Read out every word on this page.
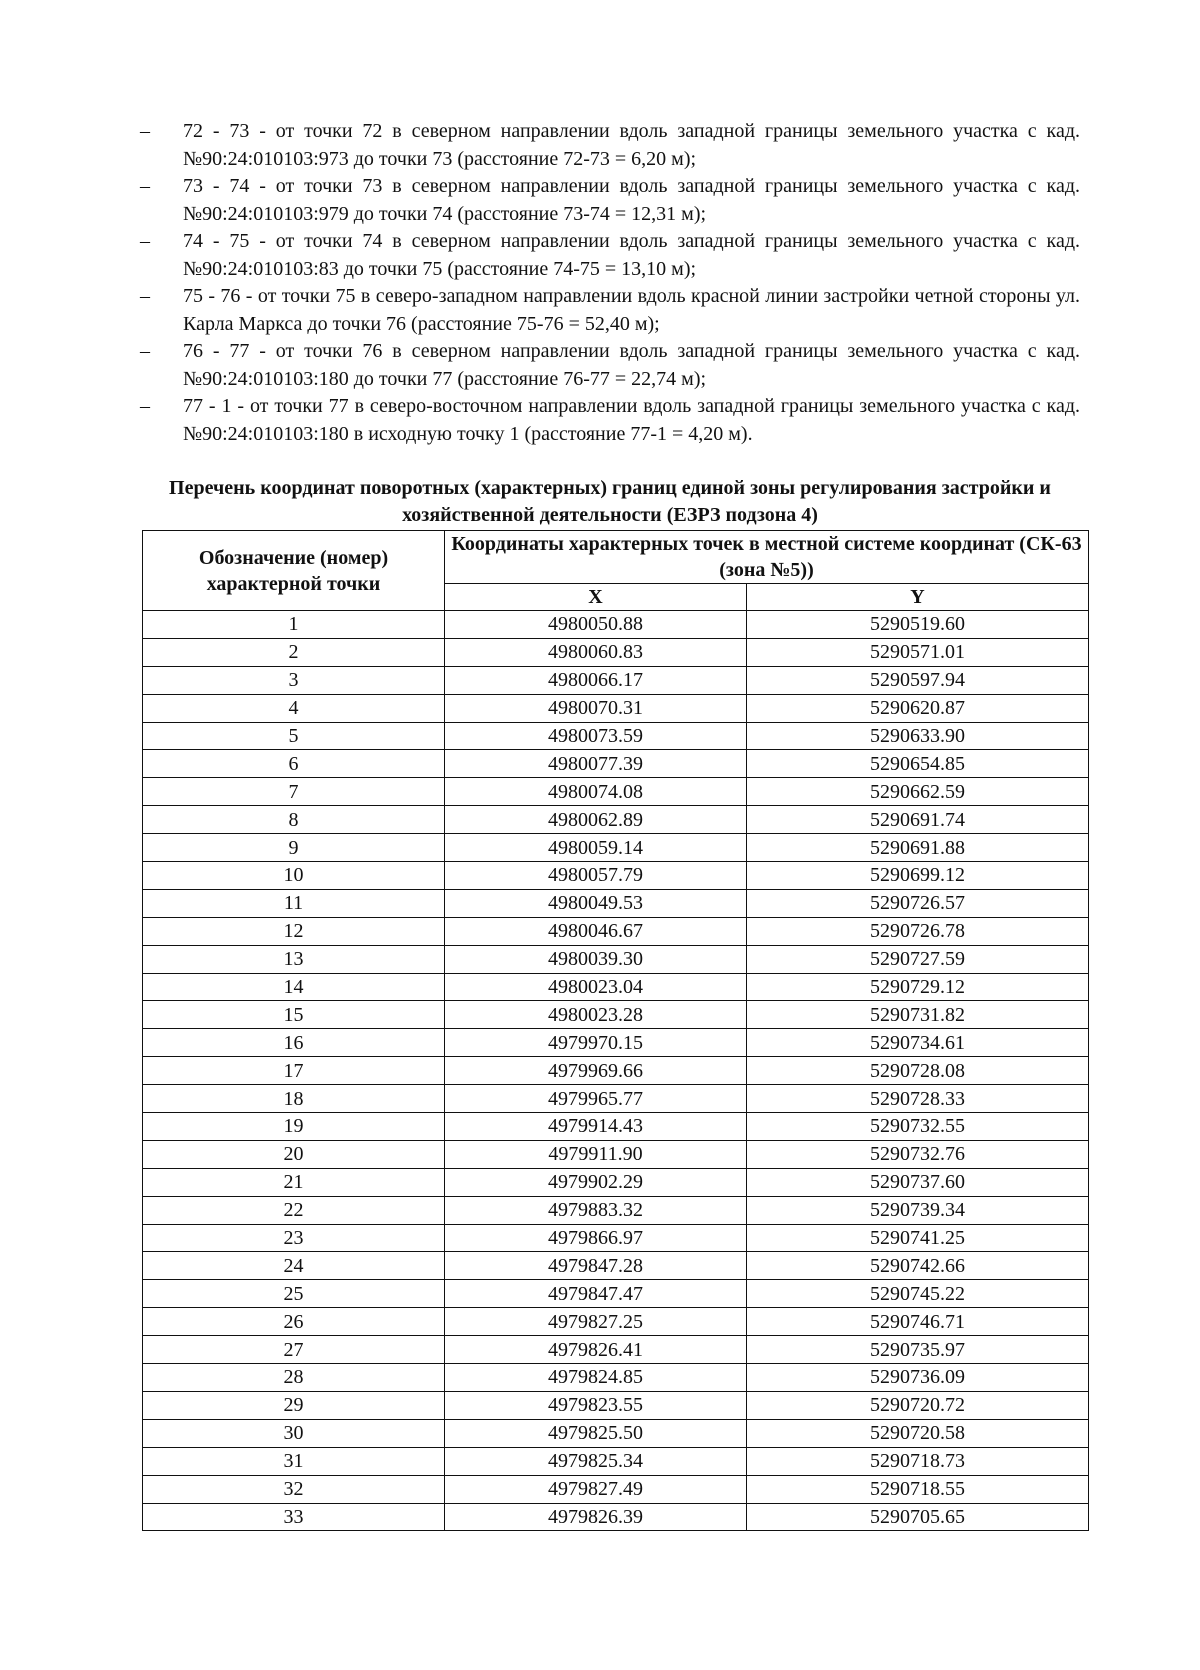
– 72 - 73 - от точки 72 в северном направлении вдоль западной границы земельного участка с кад. №90:24:010103:973 до точки 73 (расстояние 72-73 = 6,20 м);
– 73 - 74 - от точки 73 в северном направлении вдоль западной границы земельного участка с кад. №90:24:010103:979 до точки 74 (расстояние 73-74 = 12,31 м);
– 74 - 75 - от точки 74 в северном направлении вдоль западной границы земельного участка с кад. №90:24:010103:83 до точки 75 (расстояние 74-75 = 13,10 м);
– 75 - 76 - от точки 75 в северо-западном направлении вдоль красной линии застройки четной стороны ул. Карла Маркса до точки 76 (расстояние 75-76 = 52,40 м);
– 76 - 77 - от точки 76 в северном направлении вдоль западной границы земельного участка с кад. №90:24:010103:180 до точки 77 (расстояние 76-77 = 22,74 м);
– 77 - 1 - от точки 77 в северо-восточном направлении вдоль западной границы земельного участка с кад. №90:24:010103:180 в исходную точку 1 (расстояние 77-1 = 4,20 м).
Перечень координат поворотных (характерных) границ единой зоны регулирования застройки и хозяйственной деятельности (ЕЗРЗ подзона 4)
Обозначение (номер) характерной точки	Координаты характерных точек в местной системе координат (СК-63 (зона №5))	
	X	Y
1	4980050.88	5290519.60
2	4980060.83	5290571.01
3	4980066.17	5290597.94
4	4980070.31	5290620.87
5	4980073.59	5290633.90
6	4980077.39	5290654.85
7	4980074.08	5290662.59
8	4980062.89	5290691.74
9	4980059.14	5290691.88
10	4980057.79	5290699.12
11	4980049.53	5290726.57
12	4980046.67	5290726.78
13	4980039.30	5290727.59
14	4980023.04	5290729.12
15	4980023.28	5290731.82
16	4979970.15	5290734.61
17	4979969.66	5290728.08
18	4979965.77	5290728.33
19	4979914.43	5290732.55
20	4979911.90	5290732.76
21	4979902.29	5290737.60
22	4979883.32	5290739.34
23	4979866.97	5290741.25
24	4979847.28	5290742.66
25	4979847.47	5290745.22
26	4979827.25	5290746.71
27	4979826.41	5290735.97
28	4979824.85	5290736.09
29	4979823.55	5290720.72
30	4979825.50	5290720.58
31	4979825.34	5290718.73
32	4979827.49	5290718.55
33	4979826.39	5290705.65
